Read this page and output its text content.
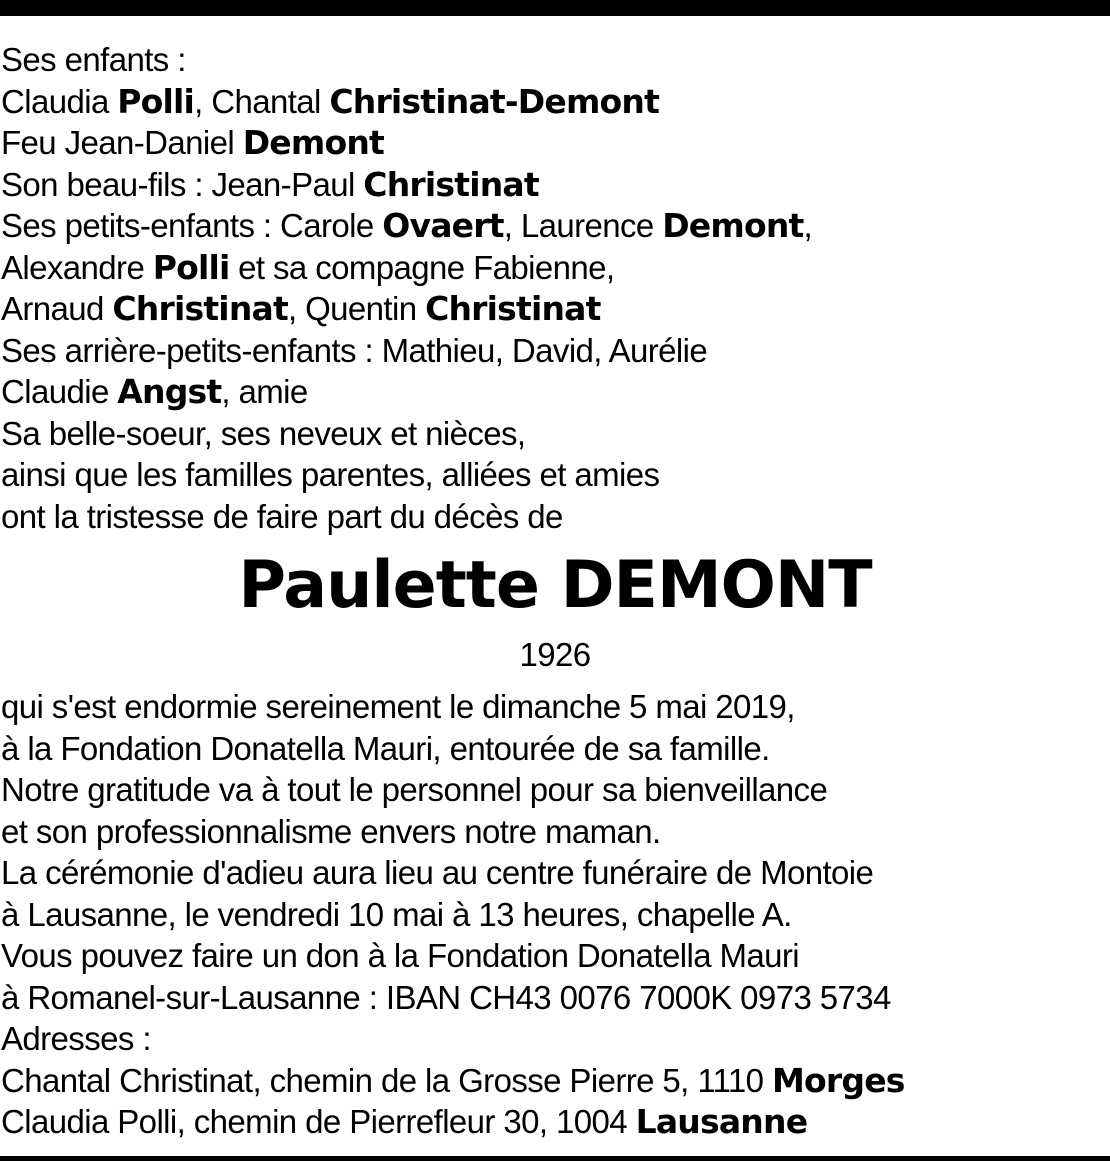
Ses enfants :
Claudia Polli, Chantal Christinat-Demont
Feu Jean-Daniel Demont
Son beau-fils : Jean-Paul Christinat
Ses petits-enfants : Carole Ovaert, Laurence Demont,
Alexandre Polli et sa compagne Fabienne,
Arnaud Christinat, Quentin Christinat
Ses arrière-petits-enfants : Mathieu, David, Aurélie
Claudie Angst, amie
Sa belle-soeur, ses neveux et nièces,
ainsi que les familles parentes, alliées et amies
ont la tristesse de faire part du décès de
Paulette DEMONT
1926
qui s'est endormie sereinement le dimanche 5 mai 2019,
à la Fondation Donatella Mauri, entourée de sa famille.
Notre gratitude va à tout le personnel pour sa bienveillance
et son professionnalisme envers notre maman.
La cérémonie d'adieu aura lieu au centre funéraire de Montoie
à Lausanne, le vendredi 10 mai à 13 heures, chapelle A.
Vous pouvez faire un don à la Fondation Donatella Mauri
à Romanel-sur-Lausanne : IBAN CH43 0076 7000K 0973 5734
Adresses :
Chantal Christinat, chemin de la Grosse Pierre 5, 1110 Morges
Claudia Polli, chemin de Pierrefleur 30, 1004 Lausanne
